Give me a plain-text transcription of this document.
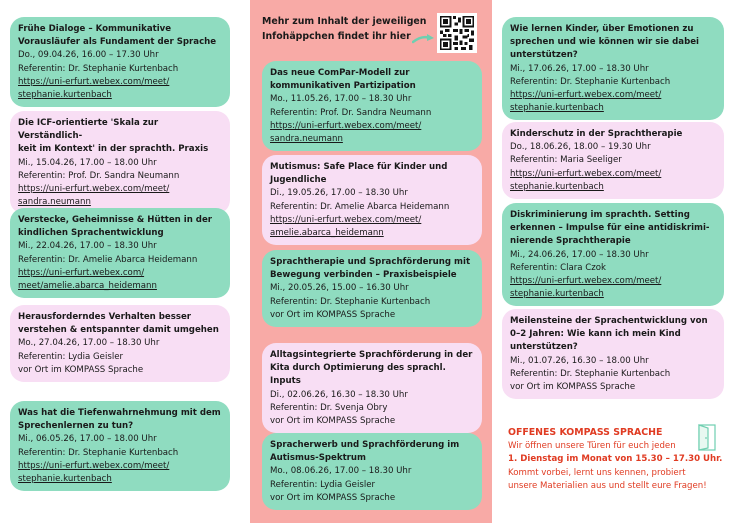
Frühe Dialoge – Kommunikative
Vorausläufer als Fundament der Sprache
Do., 09.04.26, 16.00 – 17.30 Uhr
Referentin: Dr. Stephanie Kurtenbach
https://uni-erfurt.webex.com/meet/
stephanie.kurtenbach
Die ICF-orientierte 'Skala zur Verständlich-
keit im Kontext' in der sprachth. Praxis
Mi., 15.04.26, 17.00 – 18.00 Uhr
Referentin: Prof. Dr. Sandra Neumann
https://uni-erfurt.webex.com/meet/
sandra.neumann
Verstecke, Geheimnisse & Hütten in der
kindlichen Sprachentwicklung
Mi., 22.04.26, 17.00 – 18.30 Uhr
Referentin: Dr. Amelie Abarca Heidemann
https://uni-erfurt.webex.com/
meet/amelie.abarca_heidemann
Herausforderndes Verhalten besser
verstehen & entspannter damit umgehen
Mo., 27.04.26, 17.00 – 18.30 Uhr
Referentin: Lydia Geisler
vor Ort im KOMPASS Sprache
Was hat die Tiefenwahrnehmung mit dem
Sprechenlernen zu tun?
Mi., 06.05.26, 17.00 – 18.00 Uhr
Referentin: Dr. Stephanie Kurtenbach
https://uni-erfurt.webex.com/meet/
stephanie.kurtenbach
Mehr zum Inhalt der jeweiligen
Infohäppchen findet ihr hier
Das neue ComPar-Modell zur
kommunikativen Partizipation
Mo., 11.05.26, 17.00 – 18.30 Uhr
Referentin: Prof. Dr. Sandra Neumann
https://uni-erfurt.webex.com/meet/
sandra.neumann
Mutismus: Safe Place für Kinder und
Jugendliche
Di., 19.05.26, 17.00 – 18.30 Uhr
Referentin: Dr. Amelie Abarca Heidemann
https://uni-erfurt.webex.com/meet/
amelie.abarca_heidemann
Sprachtherapie und Sprachförderung mit
Bewegung verbinden – Praxisbeispiele
Mi., 20.05.26, 15.00 – 16.30 Uhr
Referentin: Dr. Stephanie Kurtenbach
vor Ort im KOMPASS Sprache
Alltagsintegrierte Sprachförderung in der
Kita durch Optimierung des sprachl. Inputs
Di., 02.06.26, 16.30 – 18.30 Uhr
Referentin: Dr. Svenja Obry
vor Ort im KOMPASS Sprache
Spracherwerb und Sprachförderung im
Autismus-Spektrum
Mo., 08.06.26, 17.00 – 18.30 Uhr
Referentin: Lydia Geisler
vor Ort im KOMPASS Sprache
Wie lernen Kinder, über Emotionen zu
sprechen und wie können wir sie dabei
unterstützen?
Mi., 17.06.26, 17.00 – 18.30 Uhr
Referentin: Dr. Stephanie Kurtenbach
https://uni-erfurt.webex.com/meet/
stephanie.kurtenbach
Kinderschutz in der Sprachtherapie
Do., 18.06.26, 18.00 – 19.30 Uhr
Referentin: Maria Seeliger
https://uni-erfurt.webex.com/meet/
stephanie.kurtenbach
Diskriminierung im sprachth. Setting
erkennen – Impulse für eine antidiskrimi-
nierende Sprachtherapie
Mi., 24.06.26, 17.00 – 18.30 Uhr
Referentin: Clara Czok
https://uni-erfurt.webex.com/meet/
stephanie.kurtenbach
Meilensteine der Sprachentwicklung von
0–2 Jahren: Wie kann ich mein Kind
unterstützen?
Mi., 01.07.26, 16.30 – 18.00 Uhr
Referentin: Dr. Stephanie Kurtenbach
vor Ort im KOMPASS Sprache
OFFENES KOMPASS SPRACHE
Wir öffnen unsere Türen für euch jeden
1. Dienstag im Monat von 15.30 – 17.30 Uhr.
Kommt vorbei, lernt uns kennen, probiert
unsere Materialien aus und stellt eure Fragen!
